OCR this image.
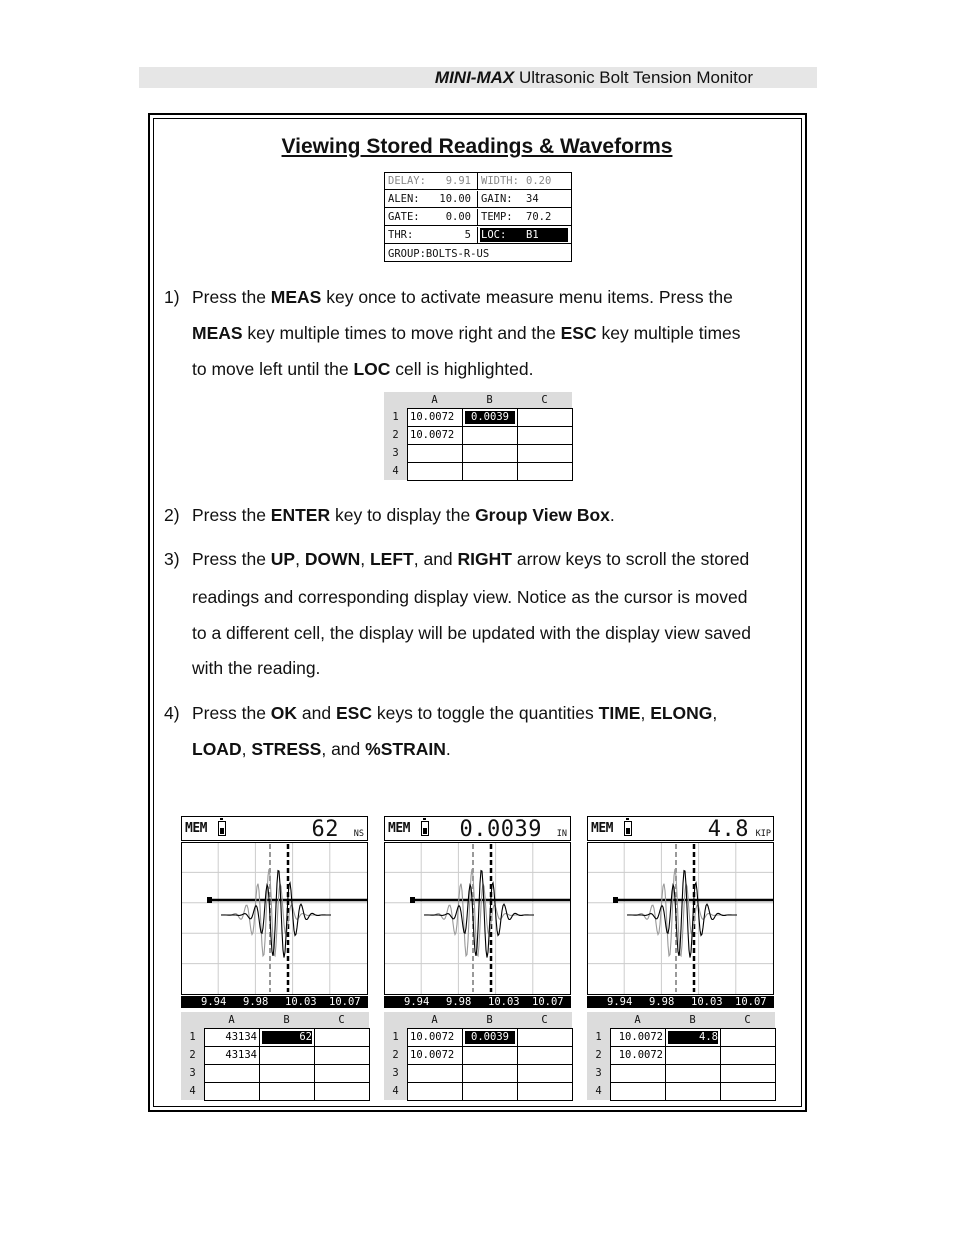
MINI-MAX Ultrasonic Bolt Tension Monitor
Viewing Stored Readings & Waveforms
DELAY: 9.91 WIDTH: 0.20
ALEN: 10.00 GAIN: 34
GATE: 0.00 TEMP: 70.2
THR:	5 LOC: B1
GROUP:BOLTS-R-US
1) Press the MEAS key once to activate measure menu items. Press the
MEAS key multiple times to move right and the ESC key multiple times
to move left until the LOC cell is highlighted.
A	B	C
1	10.0072	0.0039
2	10.0072
3
4
2) Press the ENTER key to display the Group View Box.
3) Press the UP, DOWN, LEFT, and RIGHT arrow keys to scroll the stored
readings and corresponding display view. Notice as the cursor is moved
to a different cell, the display will be updated with the display view saved
with the reading.
4) Press the OK and ESC keys to toggle the quantities TIME, ELONG,
LOAD, STRESS, and %STRAIN.
MEM	62 NS
9.94 9.98 10.03 10.07
A	B	C
1	43134	62
2	43134
3
4
MEM 0.0039 IN
9.94 9.98 10.03 10.07
A	B	C
1	10.0072	0.0039
2	10.0072
3
4
MEM	4.8 KIP
9.94 9.98 10.03 10.07
A	B	C
1	10.0072	4.8
2	10.0072
3
4
